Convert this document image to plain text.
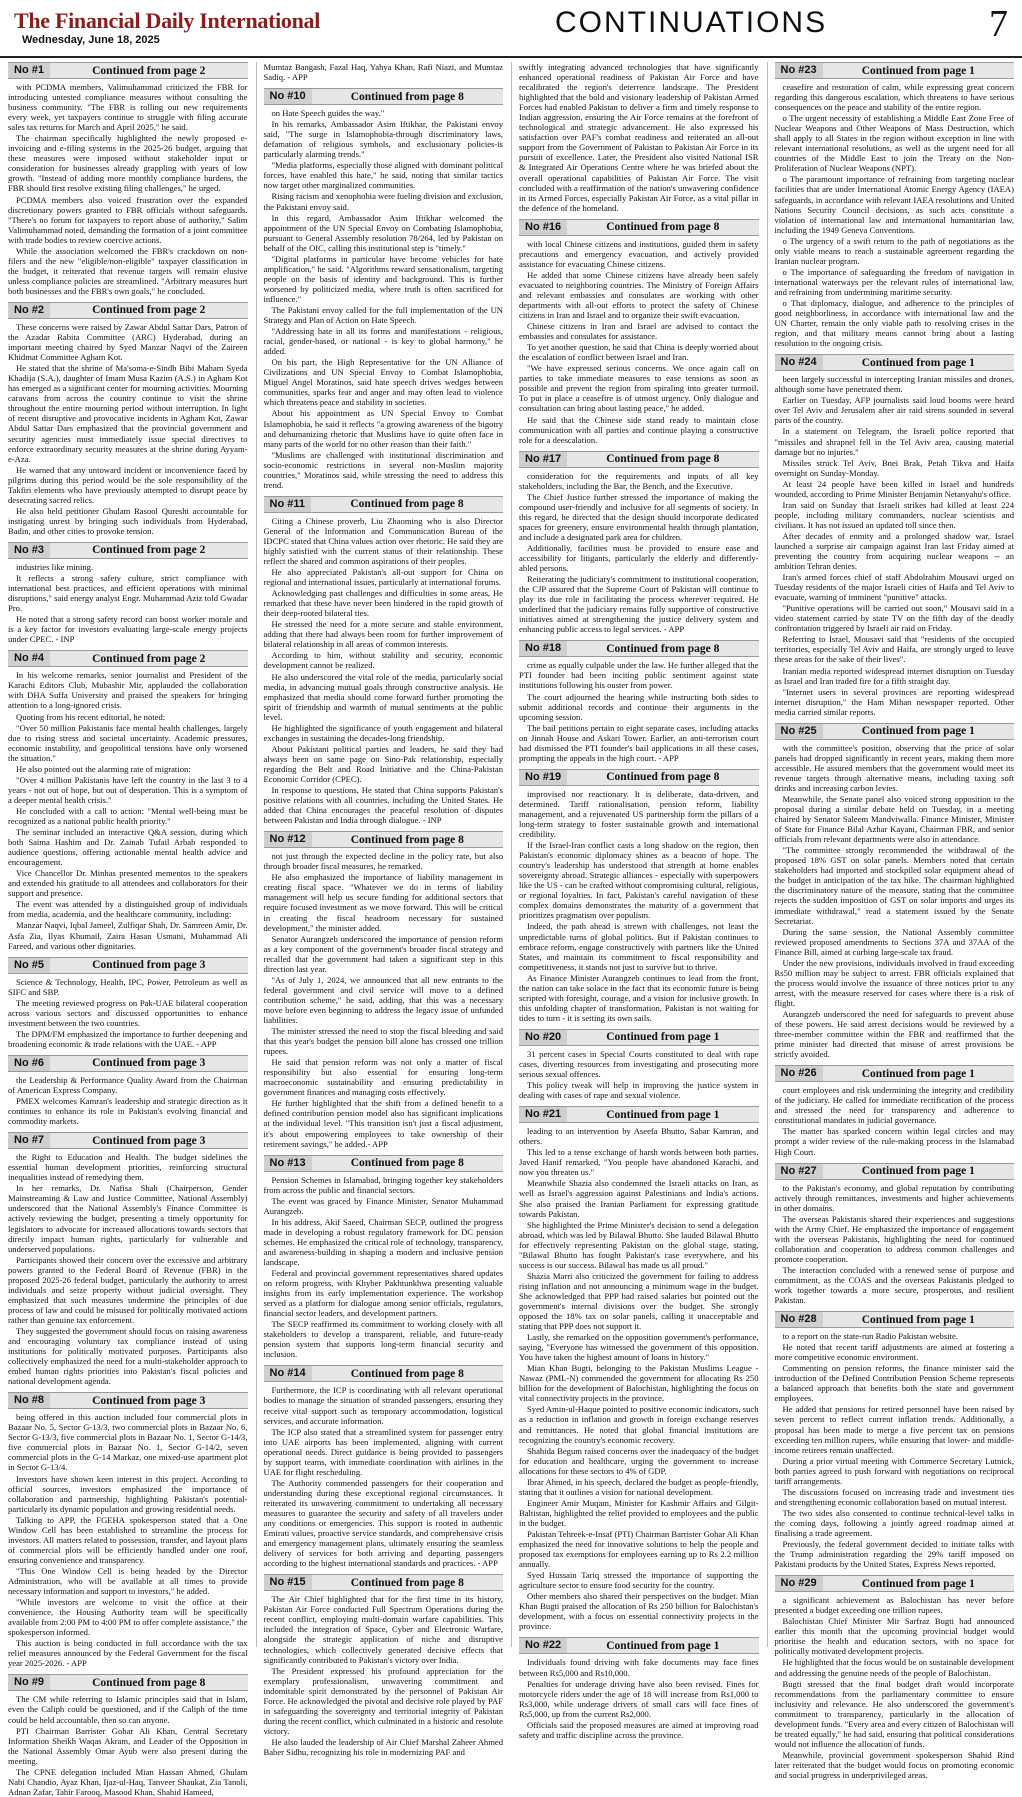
The Financial Daily International
Wednesday, June 18, 2025
CONTINUATIONS	7
No #1	Continued from page 2

with PCDMA members, Valimuhammad criticized the FBR for introducing untested compliance measures without consulting the business community. "The FBR is rolling out new requirements every week, yet taxpayers continue to struggle with filing accurate sales tax returns for March and April 2025," he said.

The chairman specifically highlighted the newly proposed e-invoicing and e-filing systems in the 2025-26 budget, arguing that these measures were imposed without stakeholder input or consideration for businesses already grappling with years of low growth. "Instead of adding more monthly compliance burdens, the FBR should first resolve existing filing challenges," he urged.

PCDMA members also voiced frustration over the expanded discretionary powers granted to FBR officials without safeguards. "There's no forum for taxpayers to report abuse of authority," Salim Valimuhammad noted, demanding the formation of a joint committee with trade bodies to review coercive actions.

While the association welcomed the FBR's crackdown on non-filers and the new "eligible/non-eligible" taxpayer classification in the budget, it reiterated that revenue targets will remain elusive unless compliance policies are streamlined. "Arbitrary measures hurt both businesses and the FBR's own goals," he concluded.

No #2	Continued from page 2

These concerns were raised by Zawar Abdul Sattar Dars, Patron of the Azadar Rabita Committee (ARC) Hyderabad, during an important meeting chaired by Syed Manzar Naqvi of the Zaireen Khidmat Committee Agham Kot.

He stated that the shrine of Ma'soma-e-Sindh Bibi Maham Syeda Khadija (S.A.), daughter of Imam Musa Kazim (A.S.) in Agham Kot has emerged as a significant center for mourning activities. Mourning caravans from across the country continue to visit the shrine throughout the entire mourning period without interruption. In light of recent disruptive and provocative incidents in Agham Kot, Zawar Abdul Sattar Dars emphasized that the provincial government and security agencies must immediately issue special directives to enforce extraordinary security measures at the shrine during Ayyam-e-Aza.

He warned that any untoward incident or inconvenience faced by pilgrims during this period would be the sole responsibility of the Takfiri elements who have previously attempted to disrupt peace by desecrating sacred relics.

He also held petitioner Ghulam Rasool Qureshi accountable for instigating unrest by bringing such individuals from Hyderabad, Badin, and other cities to provoke tension.

No #3	Continued from page 2

industries like mining.

It reflects a strong safety culture, strict compliance with international best practices, and efficient operations with minimal disruptions," said energy analyst Engr. Muhammad Aziz told Gwadar Pro.

He noted that a strong safety record can boost worker morale and is a key factor for investors evaluating large-scale energy projects under CPEC. - INP

No #4	Continued from page 2

In his welcome remarks, senior journalist and President of the Karachi Editors Club, Mubashir Mir, applauded the collaboration with DHA Suffa University and praised the speakers for bringing attention to a long-ignored crisis.

Quoting from his recent editorial, he noted:

"Over 50 million Pakistanis face mental health challenges, largely due to rising stress and societal uncertainty. Academic pressures, economic instability, and geopolitical tensions have only worsened the situation."

He also pointed out the alarming rate of migration:

"Over 4 million Pakistanis have left the country in the last 3 to 4 years - not out of hope, but out of desperation. This is a symptom of a deeper mental health crisis."

He concluded with a call to action: "Mental well-being must be recognized as a national public health priority."

The seminar included an interactive Q&A session, during which both Saima Hashim and Dr. Zainab Tufail Arbab responded to audience questions, offering actionable mental health advice and encouragement.

Vice Chancellor Dr. Minhas presented mementos to the speakers and extended his gratitude to all attendees and collaborators for their support and presence.

The event was attended by a distinguished group of individuals from media, academia, and the healthcare community, including:

Manzar Naqvi, Iqbal Jameel, Zulfiqar Shah, Dr. Samreen Amir, Dr. Asfa Zia, Ilyas Khumail, Zaira Hasan Usmani, Muhammad Ali Fareed, and various other dignitaries.

No #5	Continued from page 3

Science & Technology, Health, IPC, Power, Petroleum as well as SIFC and SBP.

The meeting reviewed progress on Pak-UAE bilateral cooperation across various sectors and discussed opportunities to enhance investment between the two countries.

The DPM/FM emphasized the importance to further deepening and broadening economic & trade relations with the UAE. - APP

No #6	Continued from page 3

the Leadership & Performance Quality Award from the Chairman of American Express Company.

PMEX welcomes Kamran's leadership and strategic direction as it continues to enhance its role in Pakistan's evolving financial and commodity markets.

No #7	Continued from page 3

the Right to Education and Health. The budget sidelines the essential human development priorities, reinforcing structural inequalities instead of remedying them.

In her remarks, Dr. Nafisa Shah (Chairperson, Gender Mainstreaming & Law and Justice Committee, National Assembly) underscored that the National Assembly's Finance Committee is actively reviewing the budget, presenting a timely opportunity for legislators to advocate for increased allocations towards sectors that directly impact human rights, particularly for vulnerable and underserved populations.

Participants showed their concern over the excessive and arbitrary powers granted to the Federal Board of Revenue (FBR) in the proposed 2025-26 federal budget, particularly the authority to arrest individuals and seize property without judicial oversight. They emphasized that such measures undermine the principles of due process of law and could be misused for politically motivated actions rather than genuine tax enforcement.

They suggested the government should focus on raising awareness and encouraging voluntary tax compliance instead of using institutions for politically motivated purposes. Participants also collectively emphasized the need for a multi-stakeholder approach to embed human rights priorities into Pakistan's fiscal policies and national development agenda.

No #8	Continued from page 3

being offered in this auction included four commercial plots in Bazaar No. 5, Sector G-13/3, two commercial plots in Bazaar No. 6, Sector G-13/3, five commercial plots in Bazaar No. 1, Sector G-14/3, five commercial plots in Bazaar No. 1, Sector G-14/2, seven commercial plots in the G-14 Markaz, one mixed-use apartment plot in Sector G-13/4.

Investors have shown keen interest in this project. According to official sources, investors emphasized the importance of collaboration and partnership, highlighting Pakistan's potential-particularly its dynamic population and growing residential needs.

Talking to APP, the FGEHA spokesperson stated that a One Window Cell has been established to streamline the process for investors. All matters related to possession, transfer, and layout plans of commercial plots will be efficiently handled under one roof, ensuring convenience and transparency.

"This One Window Cell is being headed by the Director Administration, who will be available at all times to provide necessary information and support to investors," he added.

"While investors are welcome to visit the office at their convenience, the Housing Authority team will be specifically available from 2:00 PM to 4:00 PM to offer complete assistance," the spokesperson informed.

This auction is being conducted in full accordance with the tax relief measures announced by the Federal Government for the fiscal year 2025-2026. - APP

No #9	Continued from page 8

The CM while referring to Islamic principles said that in Islam, even the Caliph could be questioned, and if the Caliph of the time could be held accountable, then so can anyone.

PTI Chairman Barrister Gohar Ali Khan, Central Secretary Information Sheikh Waqas Akram, and Leader of the Opposition in the National Assembly Omar Ayub were also present during the meeting.

The CPNE delegation included Mian Hassan Ahmed, Ghulam Nabi Chandio, Ayaz Khan, Ijaz-ul-Haq, Tanveer Shaukat, Zia Tanoli, Adnan Zafar, Tahir Farooq, Masood Khan, Shahid Hameed,

Mumtaz Bangash, Fazal Haq, Yahya Khan, Rafi Niazi, and Mumtaz Sadiq. - APP
No #10	Continued from page 8

on Hate Speech guides the way."

In his remarks, Ambassador Asim Iftikhar, the Pakistani envoy said, "The surge in Islamophobia-through discriminatory laws, defamation of religious symbols, and exclusionary policies-is particularly alarming trends."

"Media platforms, especially those aligned with dominant political forces, have enabled this hate," he said, noting that similar tactics now target other marginalized communities.

Rising racism and xenophobia were fueling division and exclusion, the Pakistani envoy said.

In this regard, Ambassador Asim Iftikhar welcomed the appointment of the UN Special Envoy on Combating Islamophobia, pursuant to General Assembly resolution 78/264, led by Pakistan on behalf of the OIC, calling this institutional step is "timely."

"Digital platforms in particular have become vehicles for hate amplification," he said. "Algorithms reward sensationalism, targeting people on the basis of identity and background. This is further worsened by politicized media, where truth is often sacrificed for influence."

The Pakistani envoy called for the full implementation of the UN Strategy and Plan of Action on Hate Speech.

"Addressing hate in all its forms and manifestations - religious, racial, gender-based, or national - is key to global harmony," he added.

On his part, the High Representative for the UN Alliance of Civilizations and UN Special Envoy to Combat Islamophobia, Miguel Angel Moratinos, said hate speech drives wedges between communities, sparks fear and anger and may often lead to violence which threatens peace and stability in societies.

About his appointment as UN Special Envoy to Combat Islamophobia, he said it reflects "a growing awareness of the bigotry and dehumanizing rhetoric that Muslims have to quite often face in many parts of the world for no other reason than their faith."

"Muslims are challenged with institutional discrimination and socio-economic restrictions in several non-Muslim majority countries," Moratinos said, while stressing the need to address this trend.

No #11	Continued from page 8

Citing a Chinese proverb, Liu Zhaoming who is also Director General of the Information and Communication Bureau of the IDCPC stated that China values action over rhetoric. He said they are highly satisfied with the current status of their relationship. These reflect the shared and common aspirations of their peoples.

He also appreciated Pakistan's all-out support for China on regional and international issues, particularly at international forums.

Acknowledging past challenges and difficulties in some areas, He remarked that these have never been hindered in the rapid growth of their deep-rooted bilateral ties.

He stressed the need for a more secure and stable environment, adding that there had always been room for further improvement of bilateral relationship in all areas of common interests.

According to him, without stability and security, economic development cannot be realized.

He also underscored the vital role of the media, particularly social media, in advancing mutual goals through constructive analysis. He emphasized that media should come forward further promoting the spirit of friendship and warmth of mutual sentiments at the public level.

He highlighted the significance of youth engagement and bilateral exchanges in sustaining the decades-long friendship.

About Pakistani political parties and leaders, he said they had always been on same page on Sino-Pak relationship, especially regarding the Belt and Road Initiative and the China-Pakistan Economic Corridor (CPEC).

In response to questions, He stated that China supports Pakistan's positive relations with all countries, including the United States. He added that China encourages the peaceful resolution of disputes between Pakistan and India through dialogue. - INP

No #12	Continued from page 8

not just through the expected decline in the policy rate, but also through broader fiscal measures, he remarked.

He also emphasized the importance of liability management in creating fiscal space. "Whatever we do in terms of liability management will help us secure funding for additional sectors that require focused investment as we move forward. This will be critical in creating the fiscal headroom necessary for sustained development," the minister added.

Senator Aurangzeb underscored the importance of pension reform as a key component of the government's broader fiscal strategy and recalled that the government had taken a significant step in this direction last year.

"As of July 1, 2024, we announced that all new entrants to the federal government and civil service will move to a defined contribution scheme," he said, adding, that this was a necessary move before even beginning to address the legacy issue of unfunded liabilities.

The minister stressed the need to stop the fiscal bleeding and said that this year's budget the pension bill alone has crossed one trillion rupees.

He said that pension reform was not only a matter of fiscal responsibility but also essential for ensuring long-term macroeconomic sustainability and ensuring predictability in government finances and managing costs effectively.

He further highlighted that the shift from a defined benefit to a defined contribution pension model also has significant implications at the individual level. "This transition isn't just a fiscal adjustment, it's about empowering employees to take ownership of their retirement savings," he added.- APP

No #13	Continued from page 8

Pension Schemes in Islamabad, bringing together key stakeholders from across the public and financial sectors.

The event was graced by Finance Minister, Senator Muhammad Aurangzeb.

In his address, Akif Saeed, Chairman SECP, outlined the progress made in developing a robust regulatory framework for DC pension schemes. He emphasized the critical role of technology, transparency, and awareness-building in shaping a modern and inclusive pension landscape.

Federal and provincial government representatives shared updates on reform progress, with Khyber Pakhtunkhwa presenting valuable insights from its early implementation experience. The workshop served as a platform for dialogue among senior officials, regulators, financial sector leaders, and development partners.

The SECP reaffirmed its commitment to working closely with all stakeholders to develop a transparent, reliable, and future-ready pension system that supports long-term financial security and inclusion.

No #14	Continued from page 8

Furthermore, the ICP is coordinating with all relevant operational bodies to manage the situation of stranded passengers, ensuring they receive vital support such as temporary accommodation, logistical services, and accurate information.

The ICP also stated that a streamlined system for passenger entry into UAE airports has been implemented, aligning with current operational needs. Direct guidance is being provided to passengers by support teams, with immediate coordination with airlines in the UAE for flight rescheduling.

The Authority commended passengers for their cooperation and understanding during these exceptional regional circumstances. It reiterated its unwavering commitment to undertaking all necessary measures to guarantee the security and safety of all travelers under any conditions or emergencies. This support is rooted in authentic Emirati values, proactive service standards, and comprehensive crisis and emergency management plans, ultimately ensuring the seamless delivery of services for both arriving and departing passengers according to the highest international standards and practices. - APP

No #15	Continued from page 8

The Air Chief highlighted that for the first time in its history, Pakistan Air Force conducted Full Spectrum Operations during the recent conflict, employing multi-domain warfare capabilities. This included the integration of Space, Cyber and Electronic Warfare, alongside the strategic application of niche and disruptive technologies, which collectively generated decisive effects that significantly contributed to Pakistan's victory over India.

The President expressed his profound appreciation for the exemplary professionalism, unwavering commitment and indomitable spirit demonstrated by the personnel of Pakistan Air Force. He acknowledged the pivotal and decisive role played by PAF in safeguarding the sovereignty and territorial integrity of Pakistan during the recent conflict, which culminated in a historic and resolute victory.

He also lauded the leadership of Air Chief Marshal Zaheer Ahmed Baber Sidhu, recognizing his role in modernizing PAF and

swiftly integrating advanced technologies that have significantly enhanced operational readiness of Pakistan Air Force and have recalibrated the region's deterrence landscape. The President highlighted that the bold and visionary leadership of Pakistan Armed Forces had enabled Pakistan to deliver a firm and timely response to Indian aggression, ensuring the Air Force remains at the forefront of technological and strategic advancement. He also expressed his satisfaction over PAF's combat readiness and reiterated an all-out support from the Government of Pakistan to Pakistan Air Force in its pursuit of excellence. Later, the President also visited National ISR & Integrated Air Operations Centre where he was briefed about the overall operational capabilities of Pakistan Air Force. The visit concluded with a reaffirmation of the nation's unwavering confidence in its Armed Forces, especially Pakistan Air Force, as a vital pillar in the defence of the homeland.
No #16	Continued from page 8

with local Chinese citizens and institutions, guided them in safety precautions and emergency evacuation, and actively provided assistance for evacuating Chinese citizens.

He added that some Chinese citizens have already been safely evacuated to neighboring countries. The Ministry of Foreign Affairs and relevant embassies and consulates are working with other departments with all-out efforts to protect the safety of Chinese citizens in Iran and Israel and to organize their swift evacuation.

Chinese citizens in Iran and Israel are advised to contact the embassies and consulates for assistance.

To yet another question, he said that China is deeply worried about the escalation of conflict between Israel and Iran.

"We have expressed serious concerns. We once again call on parties to take immediate measures to ease tensions as soon as possible and prevent the region from spiraling into greater turmoil. To put in place a ceasefire is of utmost urgency. Only dialogue and consultation can bring about lasting peace," he added.

He said that the Chinese side stand ready to maintain close communication with all parties and continue playing a constructive role for a deescalation.

No #17	Continued from page 8

consideration for the requirements and inputs of all key stakeholders, including the Bar, the Bench, and the Executive.

The Chief Justice further stressed the importance of making the compound user-friendly and inclusive for all segments of society. In this regard, he directed that the design should incorporate dedicated spaces for greenery, ensure environmental health through plantation, and include a designated park area for children.

Additionally, facilities must be provided to ensure ease and accessibility for litigants, particularly the elderly and differently-abled persons.

Reiterating the judiciary's commitment to institutional cooperation, the CJP assured that the Supreme Court of Pakistan will continue to play its due role in facilitating the process wherever required. He underlined that the judiciary remains fully supportive of constructive initiatives aimed at strengthening the justice delivery system and enhancing public access to legal services. - APP

No #18	Continued from page 8

crime as equally culpable under the law. He further alleged that the PTI founder had been inciting public sentiment against state institutions following his ouster from power.

The court adjourned the hearing while instructing both sides to submit additional records and continue their arguments in the upcoming session.

The bail petitions pertain to eight separate cases, including attacks on Jinnah House and Askari Tower. Earlier, an anti-terrorism court had dismissed the PTI founder's bail applications in all these cases, prompting the appeals in the high court. - APP

No #19	Continued from page 8

improvised nor reactionary. It is deliberate, data-driven, and determined. Tariff rationalisation, pension reform, liability management, and a rejuvenated US partnership form the pillars of a long-term strategy to foster sustainable growth and international credibility.

If the Israel-Iran conflict casts a long shadow on the region, then Pakistan's economic diplomacy shines as a beacon of hope. The country's leadership has understood that strength at home enables sovereignty abroad. Strategic alliances - especially with superpowers like the US - can be crafted without compromising cultural, religious, or regional loyalties. In fact, Pakistan's careful navigation of these complex domains demonstrates the maturity of a government that prioritizes pragmatism over populism.

Indeed, the path ahead is strewn with challenges, not least the unpredictable turns of global politics. But if Pakistan continues to embrace reform, engage constructively with partners like the United States, and maintain its commitment to fiscal responsibility and competitiveness, it stands not just to survive but to thrive.

As Finance Minister Aurangzeb continues to lead from the front, the nation can take solace in the fact that its economic future is being scripted with foresight, courage, and a vision for inclusive growth. In this unfolding chapter of transformation, Pakistan is not waiting for tides to turn - it is setting its own sails.

No #20	Continued from page 1

31 percent cases in Special Courts constituted to deal with rape cases, diverting resources from investigating and prosecuting more serious sexual offences.

This policy tweak will help in improving the justice system in dealing with cases of rape and sexual violence.

No #21	Continued from page 1

leading to an intervention by Aseefa Bhutto, Sabar Kamran, and others.

This led to a tense exchange of harsh words between both parties. Javed Hanif remarked, "You people have abandoned Karachi, and now you threaten us."

Meanwhile Shazia also condemned the Israeli attacks on Iran, as well as Israel's aggression against Palestinians and India's actions. She also praised the Iranian Parliament for expressing gratitude towards Pakistan.

She highlighted the Prime Minister's decision to send a delegation abroad, which was led by Bilawal Bhutto. She lauded Bilawal Bhutto for effectively representing Pakistan on the global stage, stating, "Bilawal Bhutto has fought Pakistan's case everywhere, and his success is our success. Bilawal has made us all proud."

Shazia Marri also criticized the government for failing to address rising inflation and not announcing a minimum wage in the budget. She acknowledged that PPP had raised salaries but pointed out the government's internal divisions over the budget. She strongly opposed the 18% tax on solar panels, calling it unacceptable and stating that PPP does not support it.

Lastly, she remarked on the opposition government's performance, saying, "Everyone has witnessed the government of this opposition. You have taken the highest amount of loans in history."

Mian Khan Bugti, belonging to the Pakistan Muslims League - Nawaz (PML-N) commended the government for allocating Rs 250 billion for the development of Balochistan, highlighting the focus on vital connectivity projects in the province.

Syed Amin-ul-Haque pointed to positive economic indicators, such as a reduction in inflation and growth in foreign exchange reserves and remittances. He noted that global financial institutions are recognizing the country's economic recovery.

Shahida Begum raised concerns over the inadequacy of the budget for education and healthcare, urging the government to increase allocations for these sectors to 4% of GDP.

Ibrar Ahmed, in his speech, declared the budget as people-friendly, stating that it outlines a vision for national development.

Engineer Amir Muqam, Minister for Kashmir Affairs and Gilgit-Baltistan, highlighted the relief provided to employees and the public in the budget.

Pakistan Tehreek-e-Insaf (PTI) Chairman Barrister Gohar Ali Khan emphasized the need for innovative solutions to help the people and proposed tax exemptions for employees earning up to Rs 2.2 million annually.

Syed Hussain Tariq stressed the importance of supporting the agriculture sector to ensure food security for the country.

Other members also shared their perspectives on the budget. Mian Khan Bugti praised the allocation of Rs 250 billion for Balochistan's development, with a focus on essential connectivity projects in the province.

No #22	Continued from page 1

Individuals found driving with fake documents may face fines between Rs5,000 and Rs10,000.

Penalties for underage driving have also been revised. Fines for motorcycle riders under the age of 18 will increase from Rs1,000 to Rs3,000, while underage drivers of small cars will face fines of Rs5,000, up from the current Rs2,000.

Officials said the proposed measures are aimed at improving road safety and traffic discipline across the province.

No #23	Continued from page 1

ceasefire and restoration of calm, while expressing great concern regarding this dangerous escalation, which threatens to have serious consequences on the peace and stability of the entire region.

o The urgent necessity of establishing a Middle East Zone Free of Nuclear Weapons and Other Weapons of Mass Destruction, which shall apply to all States in the region without exception in line with relevant international resolutions, as well as the urgent need for all countries of the Middle East to join the Treaty on the Non-Proliferation of Nuclear Weapons (NPT).

o The paramount importance of refraining from targeting nuclear facilities that are under International Atomic Energy Agency (IAEA) safeguards, in accordance with relevant IAEA resolutions and United Nations Security Council decisions, as such acts constitute a violation of international law and international humanitarian law, including the 1949 Geneva Conventions.

o The urgency of a swift return to the path of negotiations as the only viable means to reach a sustainable agreement regarding the Iranian nuclear program.

o The importance of safeguarding the freedom of navigation in international waterways per the relevant rules of international law, and refraining from undermining maritime security.

o That diplomacy, dialogue, and adherence to the principles of good neighborliness, in accordance with international law and the UN Charter, remain the only viable path to resolving crises in the region, and that military means cannot bring about a lasting resolution to the ongoing crisis.

No #24	Continued from page 1

been largely successful in intercepting Iranian missiles and drones, although some have penetrated them.

Earlier on Tuesday, AFP journalists said loud booms were heard over Tel Aviv and Jerusalem after air raid sirens sounded in several parts of the country.

In a statement on Telegram, the Israeli police reported that "missiles and shrapnel fell in the Tel Aviv area, causing material damage but no injuries."

Missiles struck Tel Aviv, Bnei Brak, Petah Tikva and Haifa overnight on Sunday-Monday.

At least 24 people have been killed in Israel and hundreds wounded, according to Prime Minister Benjamin Netanyahu's office.

Iran said on Sunday that Israeli strikes had killed at least 224 people, including military commanders, nuclear scientists and civilians. It has not issued an updated toll since then.

After decades of enmity and a prolonged shadow war, Israel launched a surprise air campaign against Iran last Friday aimed at preventing the country from acquiring nuclear weapons -- an ambition Tehran denies.

Iran's armed forces chief of staff Abdolrahim Mousavi urged on Tuesday residents of the major Israeli cities of Haifa and Tel Aviv to evacuate, warning of imminent "punitive" attacks.

"Punitive operations will be carried out soon," Mousavi said in a video statement carried by state TV on the fifth day of the deadly confrontation triggered by Israeli air raid on Friday.

Referring to Israel, Mousavi said that "residents of the occupied territories, especially Tel Aviv and Haifa, are strongly urged to leave these areas for the sake of their lives".

Iranian media reported widespread internet disruption on Tuesday as Israel and Iran traded fire for a fifth straight day.

"Internet users in several provinces are reporting widespread internet disruption," the Ham Mihan newspaper reported. Other media carried similar reports.

No #25	Continued from page 1

with the committee's position, observing that the price of solar panels had dropped significantly in recent years, making them more accessible. He assured members that the government would meet its revenue targets through alternative means, including taxing soft drinks and increasing carbon levies.

Meanwhile, the Senate panel also voiced strong opposition to the proposal during a similar debate held on Tuesday, in a meeting chaired by Senator Saleem Mandviwalla. Finance Minister, Minister of State for Finance Bilal Azhar Kayani, Chairman FBR, and senior officials from relevant departments were also in attendance.

"The committee strongly recommended the withdrawal of the proposed 18% GST on solar panels. Members noted that certain stakeholders had imported and stockpiled solar equipment ahead of the budget in anticipation of the tax hike. The chairman highlighted the discriminatory nature of the measure, stating that the committee rejects the sudden imposition of GST on solar imports and urges its immediate withdrawal," read a statement issued by the Senate Secretariat.

During the same session, the National Assembly committee reviewed proposed amendments to Sections 37A and 37AA of the Finance Bill, aimed at curbing large-scale tax fraud.

Under the new provisions, individuals involved in fraud exceeding Rs50 million may be subject to arrest. FBR officials explained that the process would involve the issuance of three notices prior to any arrest, with the measure reserved for cases where there is a risk of flight.

Aurangzeb underscored the need for safeguards to prevent abuse of these powers. He said arrest decisions would be reviewed by a three-member committee within the FBR and reaffirmed that the prime minister had directed that misuse of arrest provisions be strictly avoided.

No #26	Continued from page 1

court employees and risk undermining the integrity and credibility of the judiciary. He called for immediate rectification of the process and stressed the need for transparency and adherence to constitutional mandates in judicial governance.

The matter has sparked concern within legal circles and may prompt a wider review of the rule-making process in the Islamabad High Court.

No #27	Continued from page 1

to the Pakistan's economy, and global reputation by contributing actively through remittances, investments and higher achievements in other domains.

The overseas Pakistanis shared their experiences and suggestions with the Army Chief. He emphasized the importance of engagement with the overseas Pakistanis, highlighting the need for continued collaboration and cooperation to address common challenges and promote cooperation.

The interaction concluded with a renewed sense of purpose and commitment, as the COAS and the overseas Pakistanis pledged to work together towards a more secure, prosperous, and resilient Pakistan.

No #28	Continued from page 1

to a report on the state-run Radio Pakistan website.

He noted that recent tariff adjustments are aimed at fostering a more competitive economic environment.

Commenting on pension reforms, the finance minister said the introduction of the Defined Contribution Pension Scheme represents a balanced approach that benefits both the state and government employees.

He added that pensions for retired personnel have been raised by seven percent to reflect current inflation trends. Additionally, a proposal has been made to merge a five percent tax on pensions exceeding ten million rupees, while ensuring that lower- and middle-income retirees remain unaffected.

During a prior virtual meeting with Commerce Secretary Lutnick, both parties agreed to push forward with negotiations on reciprocal tariff arrangements.

The discussions focused on increasing trade and investment ties and strengthening economic collaboration based on mutual interest.

The two sides also consented to continue technical-level talks in the coming days, following a jointly agreed roadmap aimed at finalising a trade agreement.

Previously, the federal government decided to initiate talks with the Trump administration regarding the 29% tariff imposed on Pakistani products by the United States, Express News reported.

No #29	Continued from page 1

a significant achievement as Balochistan has never before presented a budget exceeding one trillion rupees.

Balochistan Chief Minister Mir Sarfraz Bugti had announced earlier this month that the upcoming provincial budget would prioritise the health and education sectors, with no space for politically motivated development projects.

He highlighted that the focus would be on sustainable development and addressing the genuine needs of the people of Balochistan.

Bugti stressed that the final budget draft would incorporate recommendations from the parliamentary committee to ensure inclusivity and relevance. He also underscored the government's commitment to transparency, particularly in the allocation of development funds. "Every area and every citizen of Balochistan will be treated equally," he had said, ensuring that political considerations would not influence the allocation of funds.

Meanwhile, provincial government spokesperson Shahid Rind later reiterated that the budget would focus on promoting economic and social progress in underprivileged areas.
